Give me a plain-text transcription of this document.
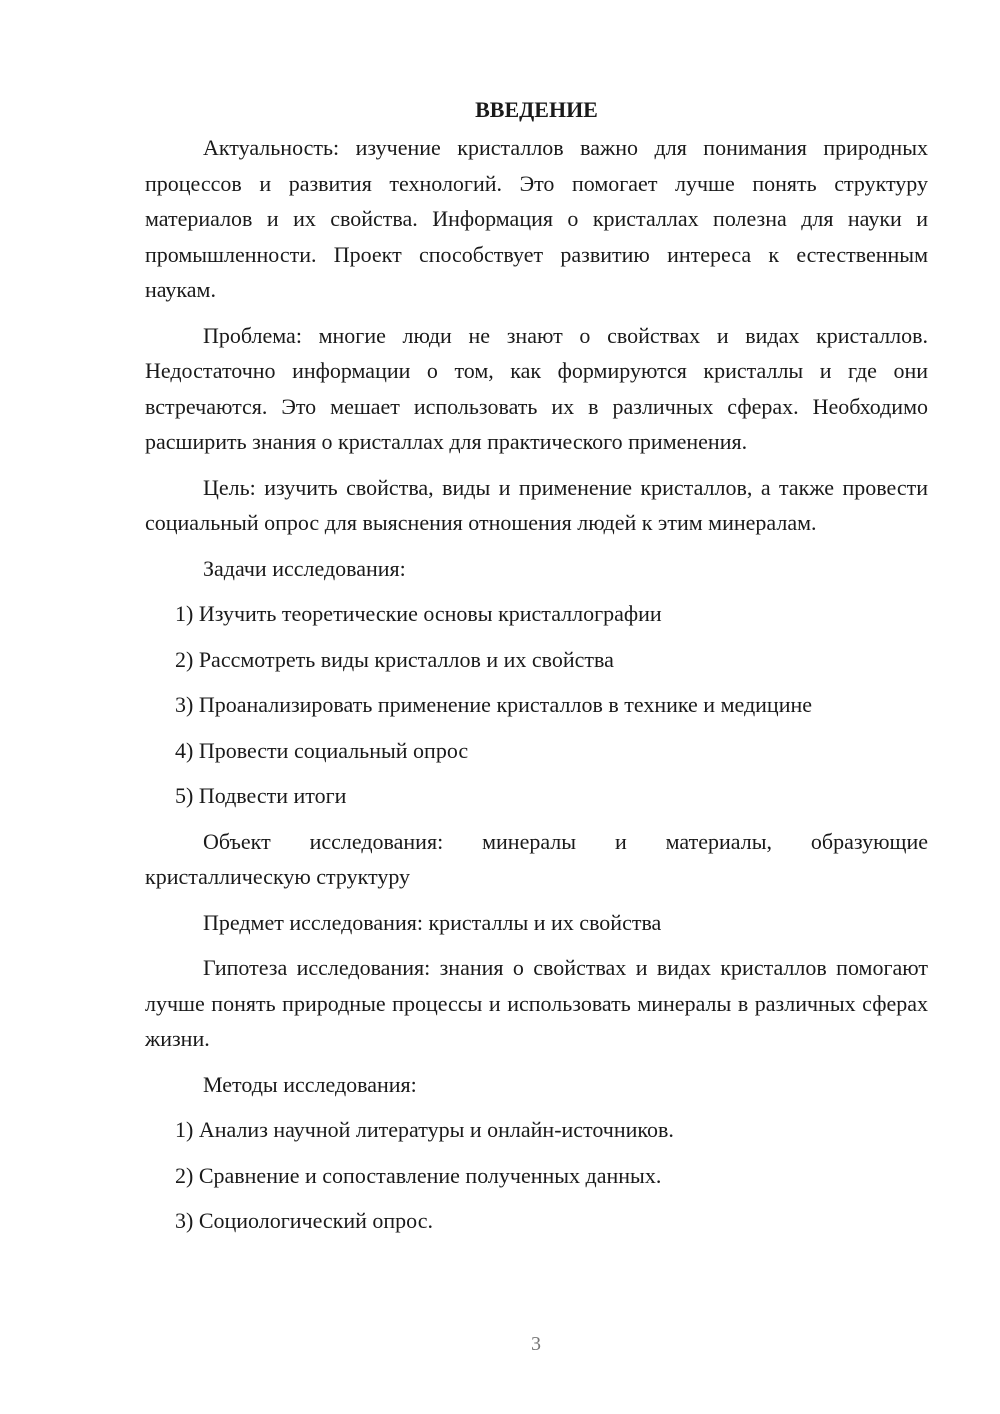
ВВЕДЕНИЕ

Актуальность: изучение кристаллов важно для понимания природных процессов и развития технологий. Это помогает лучше понять структуру материалов и их свойства. Информация о кристаллах полезна для науки и промышленности. Проект способствует развитию интереса к естественным наукам.

Проблема: многие люди не знают о свойствах и видах кристаллов. Недостаточно информации о том, как формируются кристаллы и где они встречаются. Это мешает использовать их в различных сферах. Необходимо расширить знания о кристаллах для практического применения.

Цель: изучить свойства, виды и применение кристаллов, а также провести социальный опрос для выяснения отношения людей к этим минералам.

Задачи исследования:

1) Изучить теоретические основы кристаллографии
2) Рассмотреть виды кристаллов и их свойства
3) Проанализировать применение кристаллов в технике и медицине
4) Провести социальный опрос
5) Подвести итоги

Объект исследования: минералы и материалы, образующие кристаллическую структуру

Предмет исследования: кристаллы и их свойства

Гипотеза исследования: знания о свойствах и видах кристаллов помогают лучше понять природные процессы и использовать минералы в различных сферах жизни.

Методы исследования:

1) Анализ научной литературы и онлайн-источников.
2) Сравнение и сопоставление полученных данных.
3) Социологический опрос.
3
